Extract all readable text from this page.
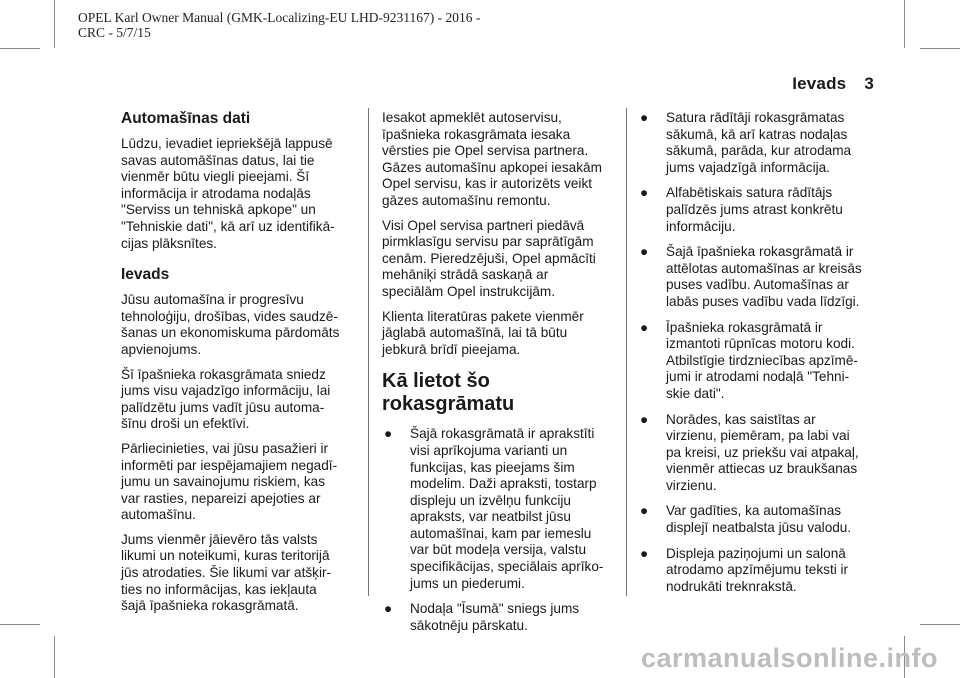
OPEL Karl Owner Manual (GMK-Localizing-EU LHD-9231167) - 2016 -
CRC - 5/7/15
Ievads 3
Automašīnas dati

Lūdzu, ievadiet iepriekšējā lappusē
savas automāšīnas datus, lai tie
vienmēr būtu viegli pieejami. Šī
informācija ir atrodama nodaļās
"Serviss un tehniskā apkope" un
"Tehniskie dati", kā arī uz identifikā-
cijas plāksnītes.

Ievads

Jūsu automašīna ir progresīvu
tehnoloģiju, drošības, vides saudzē-
šanas un ekonomiskuma pārdomāts
apvienojums.

Šī īpašnieka rokasgrāmata sniedz
jums visu vajadzīgo informāciju, lai
palīdzētu jums vadīt jūsu automa-
šīnu droši un efektīvi.

Pārliecinieties, vai jūsu pasažieri ir
informēti par iespējamajiem negadī-
jumu un savainojumu riskiem, kas
var rasties, nepareizi apejoties ar
automašīnu.

Jums vienmēr jāievēro tās valsts
likumi un noteikumi, kuras teritorijā
jūs atrodaties. Šie likumi var atšķir-
ties no informācijas, kas iekļauta
šajā īpašnieka rokasgrāmatā.

Iesakot apmeklēt autoservisu,
īpašnieka rokasgrāmata iesaka
vērsties pie Opel servisa partnera.
Gāzes automašīnu apkopei iesakām
Opel servisu, kas ir autorizēts veikt
gāzes automašīnu remontu.

Visi Opel servisa partneri piedāvā
pirmklasīgu servisu par saprātīgām
cenām. Pieredzējuši, Opel apmācīti
mehāniķi strādā saskaņā ar
speciālām Opel instrukcijām.

Klienta literatūras pakete vienmēr
jāglabā automašīnā, lai tā būtu
jebkurā brīdī pieejama.

Kā lietot šo rokasgrāmatu
● Šajā rokasgrāmatā ir aprakstīti
visi aprīkojuma varianti un
funkcijas, kas pieejams šim
modelim. Daži apraksti, tostarp
displeju un izvēlņu funkciju
apraksts, var neatbilst jūsu
automašīnai, kam par iemeslu
var būt modeļa versija, valstu
specifikācijas, speciālais aprīko-
jums un piederumi.
● Nodaļa "Īsumā" sniegs jums
sākotnēju pārskatu.
● Satura rādītāji rokasgrāmatas
sākumā, kā arī katras nodaļas
sākumā, parāda, kur atrodama
jums vajadzīgā informācija.
● Alfabētiskais satura rādītājs
palīdzēs jums atrast konkrētu
informāciju.
● Šajā īpašnieka rokasgrāmatā ir
attēlotas automašīnas ar kreisās
puses vadību. Automašīnas ar
labās puses vadību vada līdzīgi.
● Īpašnieka rokasgrāmatā ir
izmantoti rūpnīcas motoru kodi.
Atbilstīgie tirdzniecības apzīmē-
jumi ir atrodami nodaļā "Tehni-
skie dati".
● Norādes, kas saistītas ar
virzienu, piemēram, pa labi vai
pa kreisi, uz priekšu vai atpakaļ,
vienmēr attiecas uz braukšanas
virzienu.
● Var gadīties, ka automašīnas
displejī neatbalsta jūsu valodu.
● Displeja paziņojumi un salonā
atrodamo apzīmējumu teksti ir
nodrukāti treknrakstā.
carmanualsonline.info
